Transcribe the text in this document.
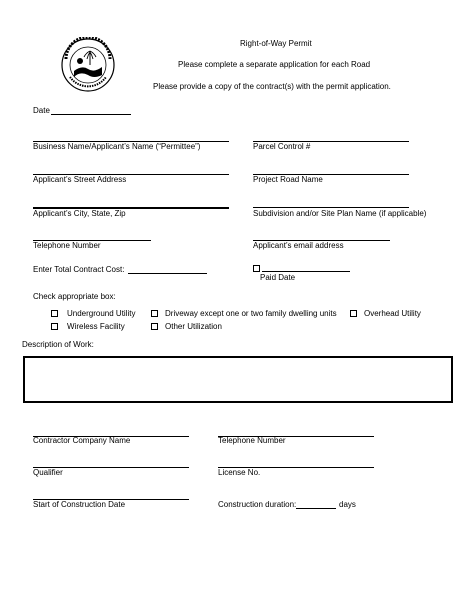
Right-of-Way Permit
Please complete a separate application for each Road
Please provide a copy of the contract(s) with the permit application.
Date
Business Name/Applicant’s Name (“Permittee”)	Parcel Control #
Applicant’s Street Address	Project Road Name
Applicant’s City, State, Zip	Subdivision and/or Site Plan Name (if applicable)
Telephone Number	Applicant’s email address
Enter Total Contract Cost:
Paid Date
Check appropriate box:
Underground Utility	Driveway except one or two family dwelling units	Overhead Utility
Wireless Facility	Other Utilization
Description of Work:
Contractor Company Name	Telephone Number
Qualifier	License No.
Start of Construction Date	Construction duration:	days
